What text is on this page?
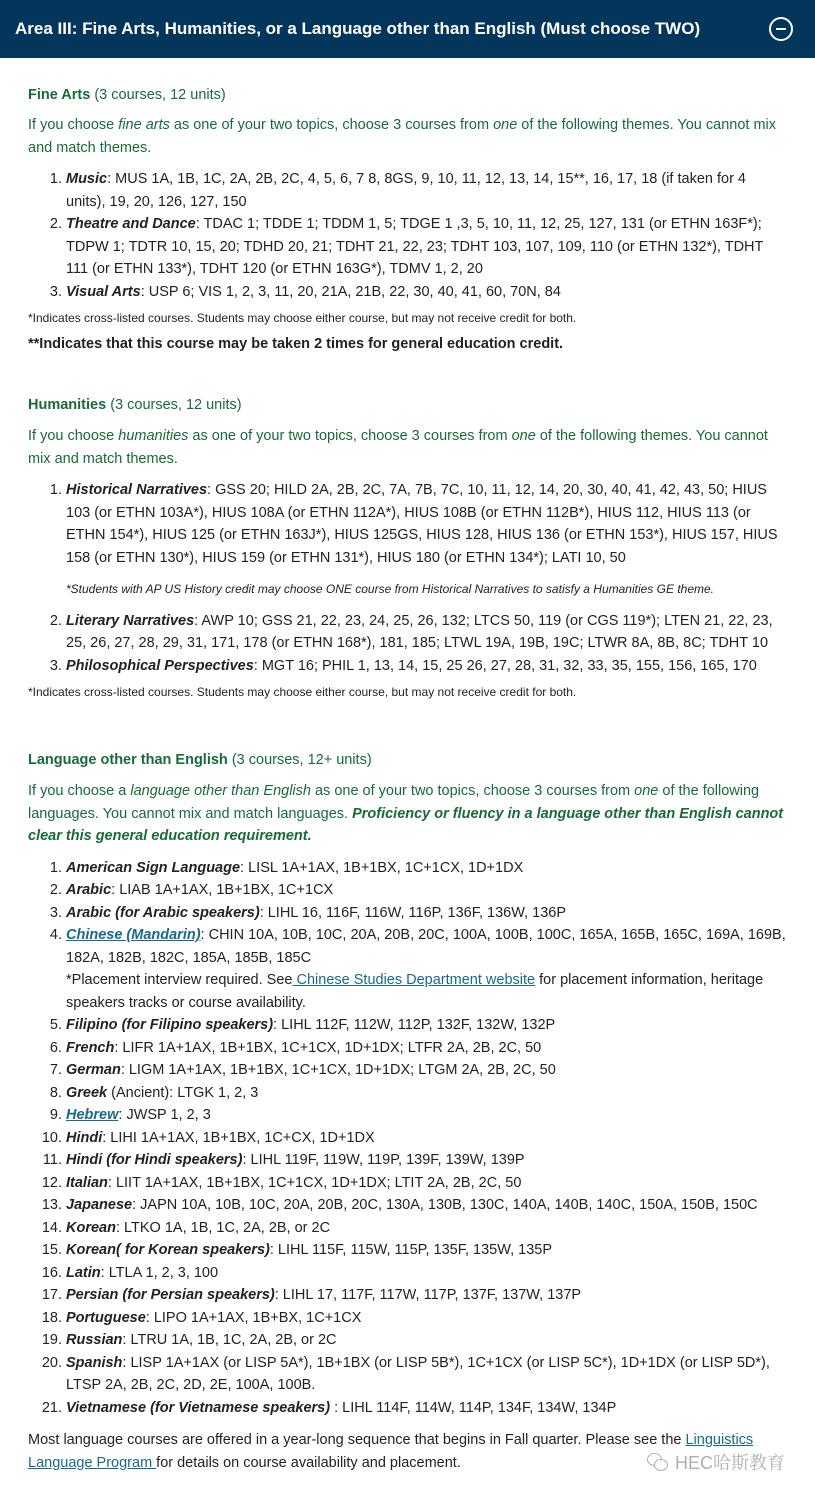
Area III: Fine Arts, Humanities, or a Language other than English (Must choose TWO)

Fine Arts (3 courses, 12 units)

If you choose fine arts as one of your two topics, choose 3 courses from one of the following themes. You cannot mix and match themes.

1. Music: MUS 1A, 1B, 1C, 2A, 2B, 2C, 4, 5, 6, 7 8, 8GS, 9, 10, 11, 12, 13, 14, 15**, 16, 17, 18 (if taken for 4 units), 19, 20, 126, 127, 150
2. Theatre and Dance: TDAC 1; TDDE 1; TDDM 1, 5; TDGE 1 ,3, 5, 10, 11, 12, 25, 127, 131 (or ETHN 163F*); TDPW 1; TDTR 10, 15, 20; TDHD 20, 21; TDHT 21, 22, 23; TDHT 103, 107, 109, 110 (or ETHN 132*), TDHT 111 (or ETHN 133*), TDHT 120 (or ETHN 163G*), TDMV 1, 2, 20
3. Visual Arts: USP 6; VIS 1, 2, 3, 11, 20, 21A, 21B, 22, 30, 40, 41, 60, 70N, 84

*Indicates cross-listed courses. Students may choose either course, but may not receive credit for both.

**Indicates that this course may be taken 2 times for general education credit.

Humanities (3 courses, 12 units)

If you choose humanities as one of your two topics, choose 3 courses from one of the following themes. You cannot mix and match themes.

1. Historical Narratives: GSS 20; HILD 2A, 2B, 2C, 7A, 7B, 7C, 10, 11, 12, 14, 20, 30, 40, 41, 42, 43, 50; HIUS 103 (or ETHN 103A*), HIUS 108A (or ETHN 112A*), HIUS 108B (or ETHN 112B*), HIUS 112, HIUS 113 (or ETHN 154*), HIUS 125 (or ETHN 163J*), HIUS 125GS, HIUS 128, HIUS 136 (or ETHN 153*), HIUS 157, HIUS 158 (or ETHN 130*), HIUS 159 (or ETHN 131*), HIUS 180 (or ETHN 134*); LATI 10, 50

*Students with AP US History credit may choose ONE course from Historical Narratives to satisfy a Humanities GE theme.

2. Literary Narratives: AWP 10; GSS 21, 22, 23, 24, 25, 26, 132; LTCS 50, 119 (or CGS 119*); LTEN 21, 22, 23, 25, 26, 27, 28, 29, 31, 171, 178 (or ETHN 168*), 181, 185; LTWL 19A, 19B, 19C; LTWR 8A, 8B, 8C; TDHT 10
3. Philosophical Perspectives: MGT 16; PHIL 1, 13, 14, 15, 25 26, 27, 28, 31, 32, 33, 35, 155, 156, 165, 170

*Indicates cross-listed courses. Students may choose either course, but may not receive credit for both.

Language other than English (3 courses, 12+ units)

If you choose a language other than English as one of your two topics, choose 3 courses from one of the following languages. You cannot mix and match languages. Proficiency or fluency in a language other than English cannot clear this general education requirement.

1. American Sign Language: LISL 1A+1AX, 1B+1BX, 1C+1CX, 1D+1DX
2. Arabic: LIAB 1A+1AX, 1B+1BX, 1C+1CX
3. Arabic (for Arabic speakers): LIHL 16, 116F, 116W, 116P, 136F, 136W, 136P
4. Chinese (Mandarin): CHIN 10A, 10B, 10C, 20A, 20B, 20C, 100A, 100B, 100C, 165A, 165B, 165C, 169A, 169B, 182A, 182B, 182C, 185A, 185B, 185C
*Placement interview required. See Chinese Studies Department website for placement information, heritage speakers tracks or course availability.
5. Filipino (for Filipino speakers): LIHL 112F, 112W, 112P, 132F, 132W, 132P
6. French: LIFR 1A+1AX, 1B+1BX, 1C+1CX, 1D+1DX; LTFR 2A, 2B, 2C, 50
7. German: LIGM 1A+1AX, 1B+1BX, 1C+1CX, 1D+1DX; LTGM 2A, 2B, 2C, 50
8. Greek (Ancient): LTGK 1, 2, 3
9. Hebrew: JWSP 1, 2, 3
10. Hindi: LIHI 1A+1AX, 1B+1BX, 1C+CX, 1D+1DX
11. Hindi (for Hindi speakers): LIHL 119F, 119W, 119P, 139F, 139W, 139P
12. Italian: LIIT 1A+1AX, 1B+1BX, 1C+1CX, 1D+1DX; LTIT 2A, 2B, 2C, 50
13. Japanese: JAPN 10A, 10B, 10C, 20A, 20B, 20C, 130A, 130B, 130C, 140A, 140B, 140C, 150A, 150B, 150C
14. Korean: LTKO 1A, 1B, 1C, 2A, 2B, or 2C
15. Korean( for Korean speakers): LIHL 115F, 115W, 115P, 135F, 135W, 135P
16. Latin: LTLA 1, 2, 3, 100
17. Persian (for Persian speakers): LIHL 17, 117F, 117W, 117P, 137F, 137W, 137P
18. Portuguese: LIPO 1A+1AX, 1B+BX, 1C+1CX
19. Russian: LTRU 1A, 1B, 1C, 2A, 2B, or 2C
20. Spanish: LISP 1A+1AX (or LISP 5A*), 1B+1BX (or LISP 5B*), 1C+1CX (or LISP 5C*), 1D+1DX (or LISP 5D*), LTSP 2A, 2B, 2C, 2D, 2E, 100A, 100B.
21. Vietnamese (for Vietnamese speakers) : LIHL 114F, 114W, 114P, 134F, 134W, 134P

Most language courses are offered in a year-long sequence that begins in Fall quarter. Please see the Linguistics Language Program for details on course availability and placement.	HEC哈斯教育
